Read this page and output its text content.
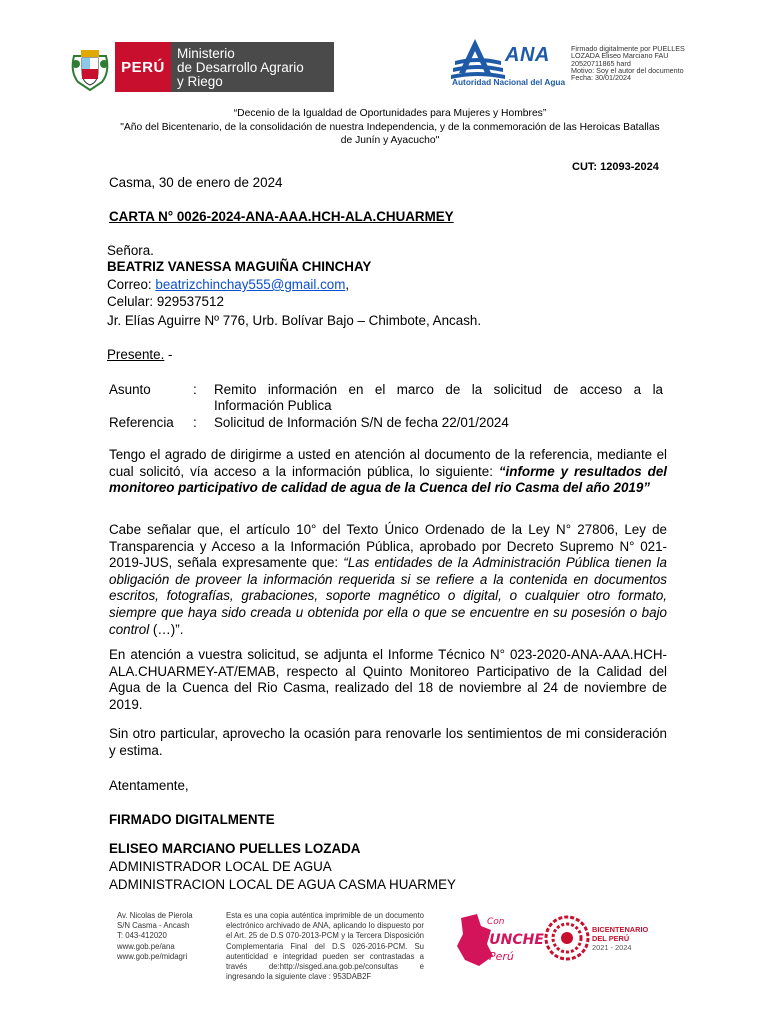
PERÚ
Ministerio
de Desarrollo Agrario
y Riego
ANA
Autoridad Nacional del Agua
Firmado digitalmente por PUELLES
LOZADA Eliseo Marciano FAU
20520711865 hard
Motivo: Soy el autor del documento
Fecha: 30/01/2024
“Decenio de la Igualdad de Oportunidades para Mujeres y Hombres”
"Año del Bicentenario, de la consolidación de nuestra Independencia, y de la conmemoración de las Heroicas Batallas
de Junín y Ayacucho"
CUT: 12093-2024
Casma, 30 de enero de 2024
CARTA N° 0026-2024-ANA-AAA.HCH-ALA.CHUARMEY
Señora.
BEATRIZ VANESSA MAGUIÑA CHINCHAY
Correo: beatrizchinchay555@gmail.com,
Celular: 929537512
Jr. Elías Aguirre Nº 776, Urb. Bolívar Bajo – Chimbote, Ancash.
Presente. -
Asunto	: Remito información en el marco de la solicitud de acceso a la
Información Publica
Referencia : Solicitud de Información S/N de fecha 22/01/2024
Tengo el agrado de dirigirme a usted en atención al documento de la referencia, mediante el cual solicitó, vía acceso a la información pública, lo siguiente: “informe y resultados del monitoreo participativo de calidad de agua de la Cuenca del rio Casma del año 2019”
Cabe señalar que, el artículo 10° del Texto Único Ordenado de la Ley N° 27806, Ley de Transparencia y Acceso a la Información Pública, aprobado por Decreto Supremo N° 021-2019-JUS, señala expresamente que: “Las entidades de la Administración Pública tienen la obligación de proveer la información requerida si se refiere a la contenida en documentos escritos, fotografías, grabaciones, soporte magnético o digital, o cualquier otro formato, siempre que haya sido creada u obtenida por ella o que se encuentre en su posesión o bajo control (…)”.
En atención a vuestra solicitud, se adjunta el Informe Técnico N° 023-2020-ANA-AAA.HCH-ALA.CHUARMEY-AT/EMAB, respecto al Quinto Monitoreo Participativo de la Calidad del Agua de la Cuenca del Rio Casma, realizado del 18 de noviembre al 24 de noviembre de 2019.
Sin otro particular, aprovecho la ocasión para renovarle los sentimientos de mi consideración y estima.
Atentamente,
FIRMADO DIGITALMENTE
ELISEO MARCIANO PUELLES LOZADA
ADMINISTRADOR LOCAL DE AGUA
ADMINISTRACION LOCAL DE AGUA CASMA HUARMEY
Av. Nicolas de Pierola
S/N Casma - Ancash
T: 043-412020
www.gob.pe/ana
www.gob.pe/midagri
Esta es una copia auténtica imprimible de un documento electrónico archivado de ANA, aplicando lo dispuesto por el Art. 25 de D.S 070-2013-PCM y la Tercera Disposición Complementaria Final del D.S 026-2016-PCM. Su autenticidad e integridad pueden ser contrastadas a través de:http://sisged.ana.gob.pe/consultas e ingresando la siguiente clave : 953DAB2F
Con
PUNCHE
Perú
BICENTENARIO
DEL PERÚ
2021 - 2024
